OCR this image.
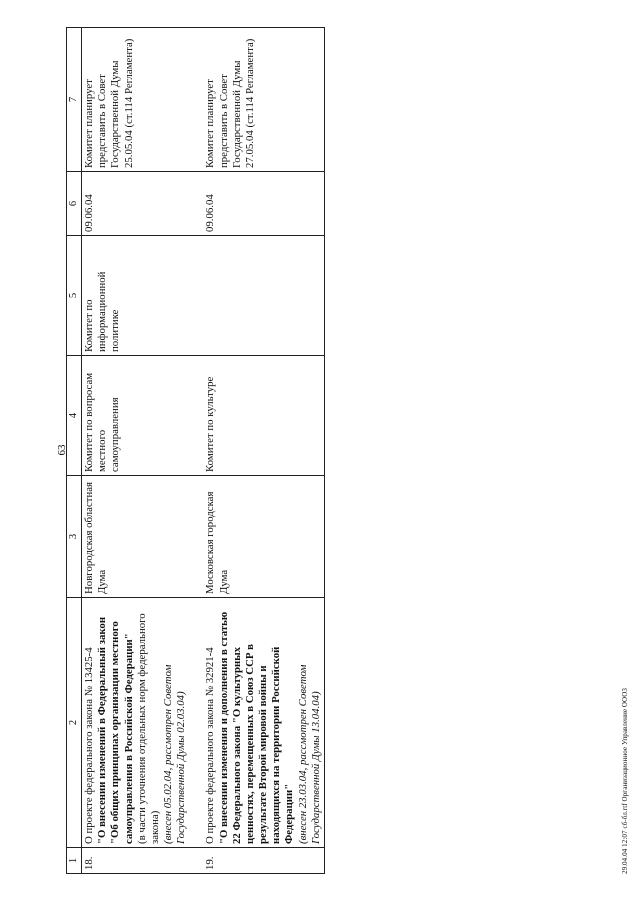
63
1	2	3	4	5	6	7
18.	О проекте федерального закона № 13425-4 "О внесении изменений в Федеральный закон "Об общих принципах организации местного самоуправления в Российской Федерации" (в части уточнения отдельных норм федерального закона) (внесен 05.02.04, рассмотрен Советом Государственной Думы 02.03.04)	Новгородская областная Дума	Комитет по вопросам местного самоуправления	Комитет по информационной политике	09.06.04	Комитет планирует представить в Совет Государственной Думы 25.05.04 (ст.114 Регламента)

19.	О проекте федерального закона № 32921-4 "О внесении изменения и дополнения в статью 22 Федерального закона "О культурных ценностях, перемещенных в Союз ССР в результате Второй мировой войны и находящихся на территории Российской Федерации" (внесен 23.03.04, рассмотрен Советом Государственной Думы 13.04.04)	Московская городская Дума	Комитет по культуре		09.06.04	Комитет планирует представить в Совет Государственной Думы 27.05.04 (ст.114 Регламента)
29.04.04 12:07 сб-бл.rtf Организационное Управление ООО3
